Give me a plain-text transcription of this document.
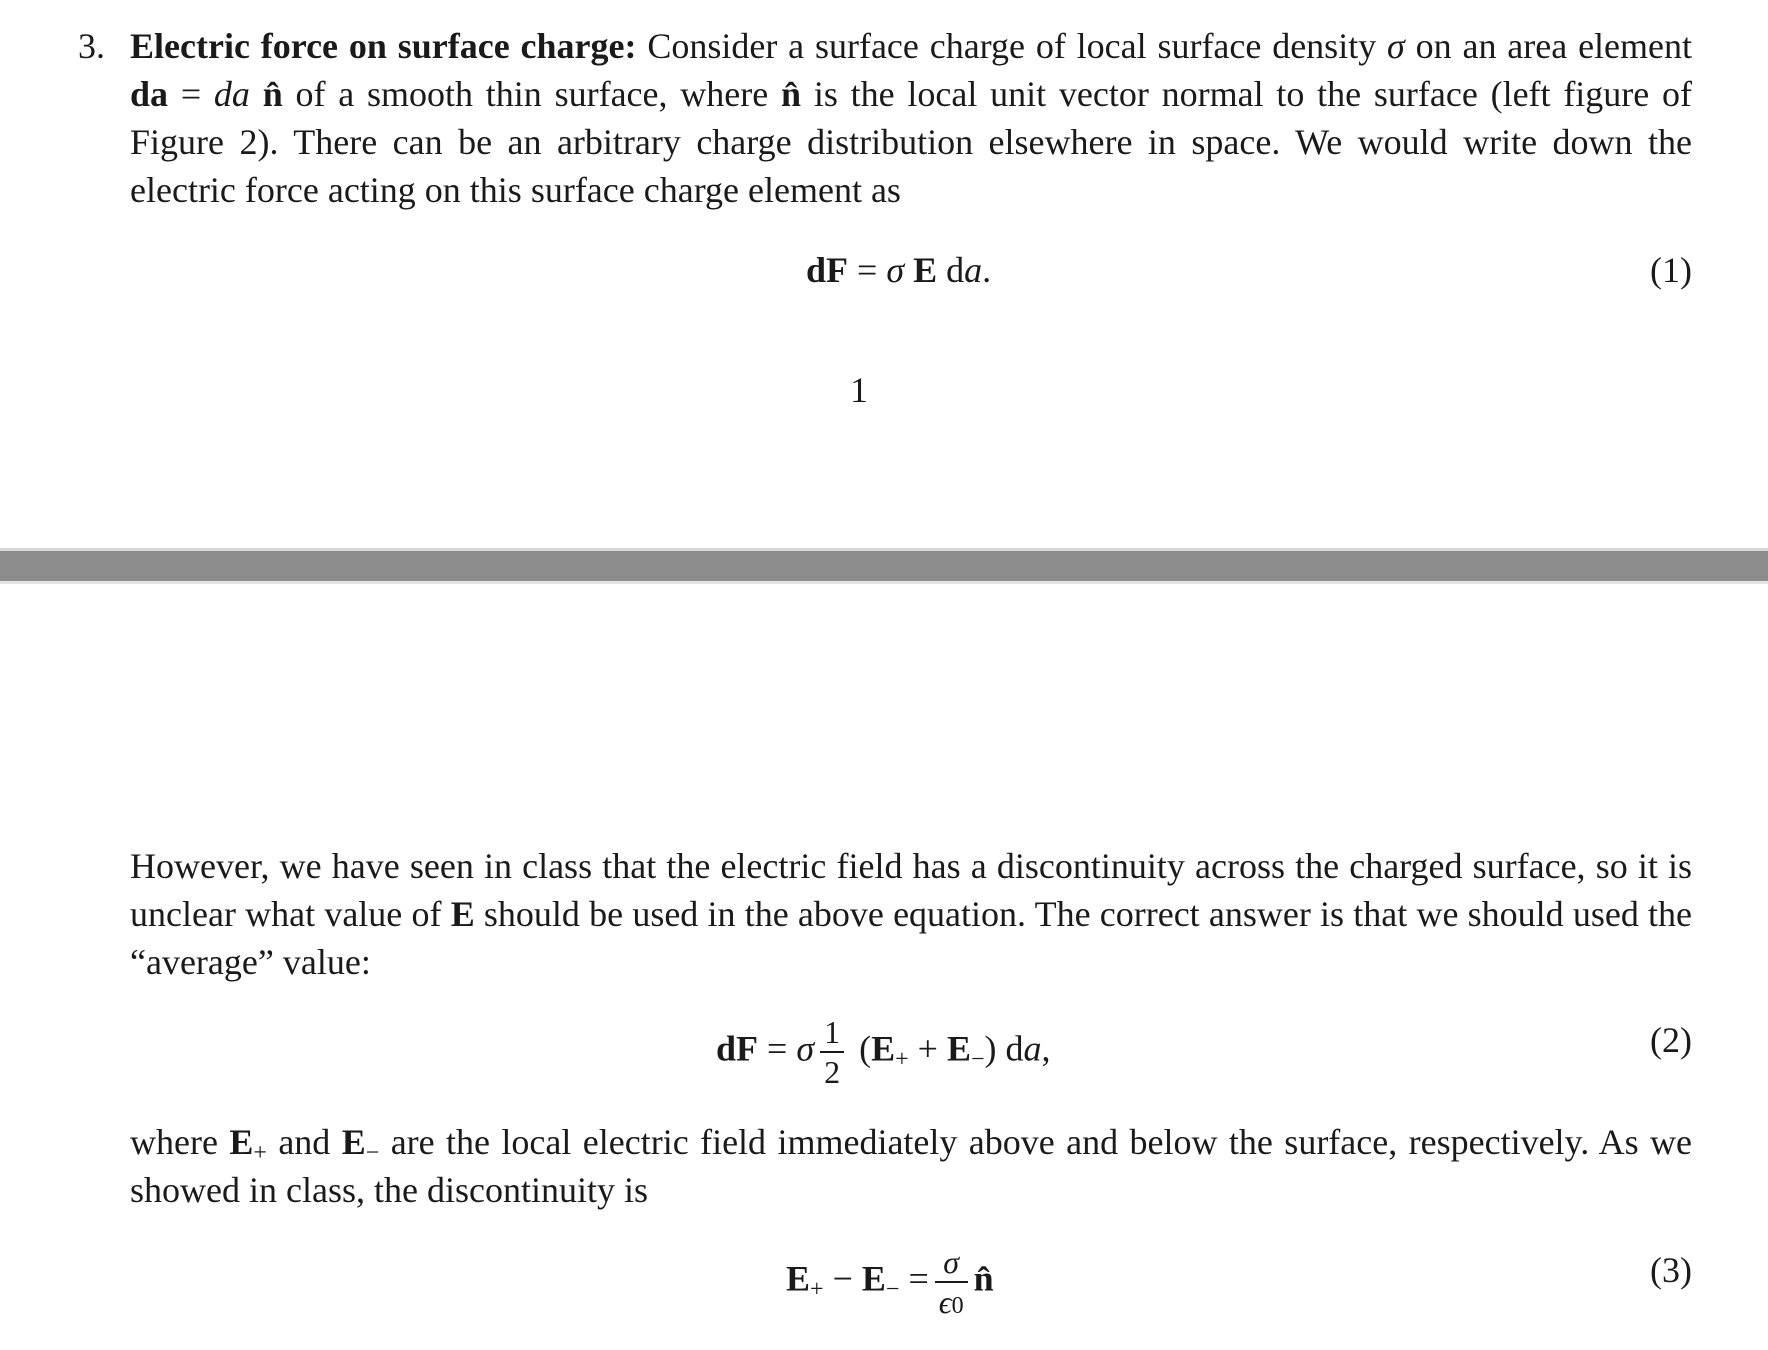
3. Electric force on surface charge: Consider a surface charge of local surface density σ on an area element da = da n̂ of a smooth thin surface, where n̂ is the local unit vector normal to the surface (left figure of Figure 2). There can be an arbitrary charge distribution elsewhere in space. We would write down the electric force acting on this surface charge element as

dF = σ E da.	(1)
1

However, we have seen in class that the electric field has a discontinuity across the charged surface, so it is unclear what value of E should be used in the above equation. The correct answer is that we should used the “average” value:

dF = σ $\frac{1}{2} (E_+ + E_-)$ da,	(2)

where $E_+$ and $E_-$ are the local electric field immediately above and below the surface, respectively. As we showed in class, the discontinuity is

$E_+ - E_- = \frac{\sigma}{\epsilon 0}$ n̂	(3)
